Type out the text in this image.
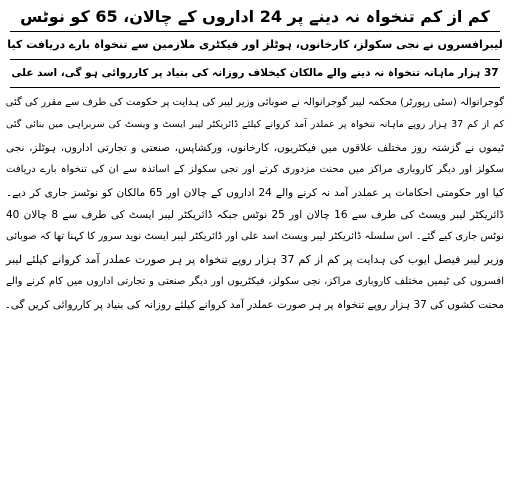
کم از کم تنخواہ نہ دینے پر 24 اداروں کے چالان، 65 کو نوٹس
لیبرافسروں نے نجی سکولز، کارخانوں، ہوٹلز اور فیکٹری ملازمین سے تنخواہ بارے دریافت کیا
37 ہزار ماہانہ تنخواہ نہ دینے والے مالکان کیخلاف روزانہ کی بنیاد پر کارروائی ہو گی، اسد علی
گوجرانوالہ (سٹی رپورٹر) محکمہ لیبر گوجرانوالہ نے صوبائی وزیر لیبر کی ہدایت پر حکومت کی طرف سے مقرر کی گئی
کم از کم 37 ہزار روپے ماہانہ تنخواہ پر عملدر آمد کروانے کیلئے ڈائریکٹر لیبر ایسٹ و ویسٹ کی سربراہی میں بنائی گئی
ٹیموں نے گزشتہ روز مختلف علاقوں میں فیکٹریوں، کارخانوں، ورکشاپس، صنعتی و تجارتی اداروں، ہوٹلز، نجی
سکولز اور دیگر کاروباری مراکز میں محنت مزدوری کرتے اور نجی سکولز کے اساتذہ سے ان کی تنخواہ بارے دریافت
کیا اور حکومتی احکامات پر عملدر آمد نہ کرنے والے 24 اداروں کے چالان اور 65 مالکان کو نوٹسز جاری کر دیے۔
ڈائریکٹر لیبر ویسٹ کی طرف سے 16 چالان اور 25 نوٹس جبکہ ڈائریکٹر لیبر ایسٹ کی طرف سے 8 چالان 40
نوٹس جاری کیے گئے۔ اس سلسلہ ڈائریکٹر لیبر ویسٹ اسد علی اور ڈائریکٹر لیبر ایسٹ نوید سرور کا کہنا تھا کہ صوبائی
وزیر لیبر فیصل ایوب کی ہدایت پر کم از کم 37 ہزار روپے تنخواہ پر ہر صورت عملدر آمد کروانے کیلئے لیبر
افسروں کی ٹیمیں مختلف کاروباری مراکز، نجی سکولز، فیکٹریوں اور دیگر صنعتی و تجارتی اداروں میں کام کرنے والے
محنت کشوں کی 37 ہزار روپے تنخواہ پر ہر صورت عملدر آمد کروانے کیلئے روزانہ کی بنیاد پر کارروائی کریں گی۔
